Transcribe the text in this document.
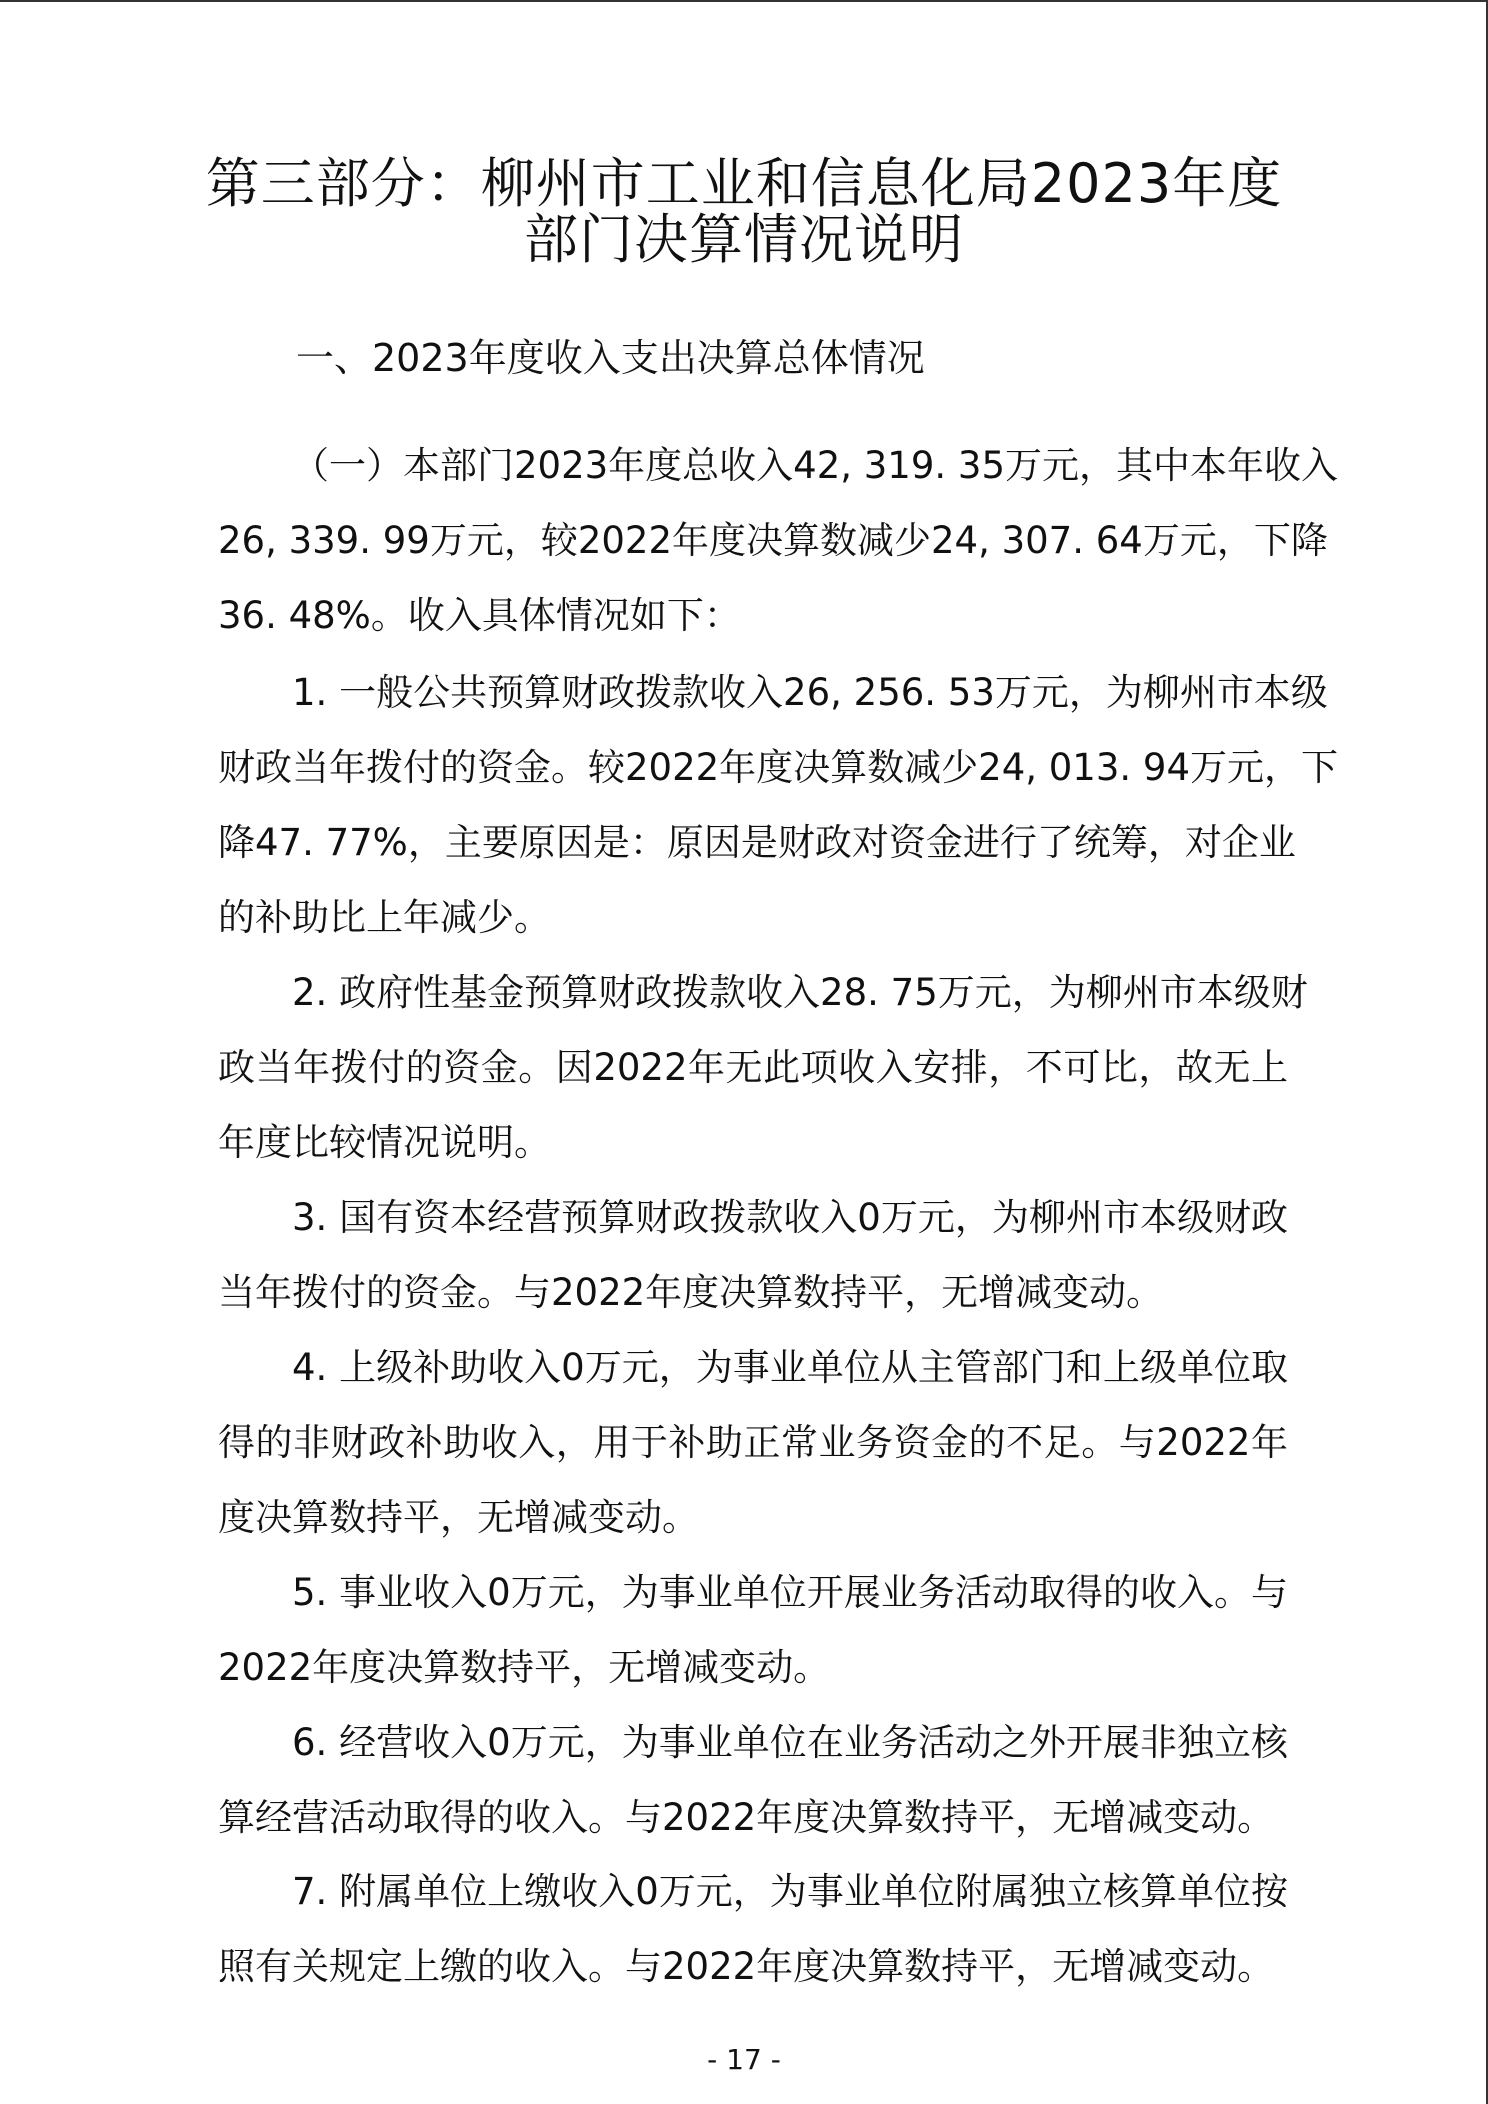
第三部分：柳州市工业和信息化局2023年度
部门决算情况说明
一、2023年度收入支出决算总体情况

（一）本部门2023年度总收入42, 319. 35万元，其中本年收入

26, 339. 99万元，较2022年度决算数减少24, 307. 64万元，下降

36. 48%。收入具体情况如下：

1. 一般公共预算财政拨款收入26, 256. 53万元，为柳州市本级

财政当年拨付的资金。较2022年度决算数减少24, 013. 94万元，下

降47. 77%，主要原因是：原因是财政对资金进行了统筹，对企业

的补助比上年减少。

2. 政府性基金预算财政拨款收入28. 75万元，为柳州市本级财

政当年拨付的资金。因2022年无此项收入安排，不可比，故无上

年度比较情况说明。

3. 国有资本经营预算财政拨款收入0万元，为柳州市本级财政

当年拨付的资金。与2022年度决算数持平，无增减变动。

4. 上级补助收入0万元，为事业单位从主管部门和上级单位取

得的非财政补助收入，用于补助正常业务资金的不足。与2022年

度决算数持平，无增减变动。

5. 事业收入0万元，为事业单位开展业务活动取得的收入。与

2022年度决算数持平，无增减变动。

6. 经营收入0万元，为事业单位在业务活动之外开展非独立核

算经营活动取得的收入。与2022年度决算数持平，无增减变动。

7. 附属单位上缴收入0万元，为事业单位附属独立核算单位按

照有关规定上缴的收入。与2022年度决算数持平，无增减变动。

- 17 -
